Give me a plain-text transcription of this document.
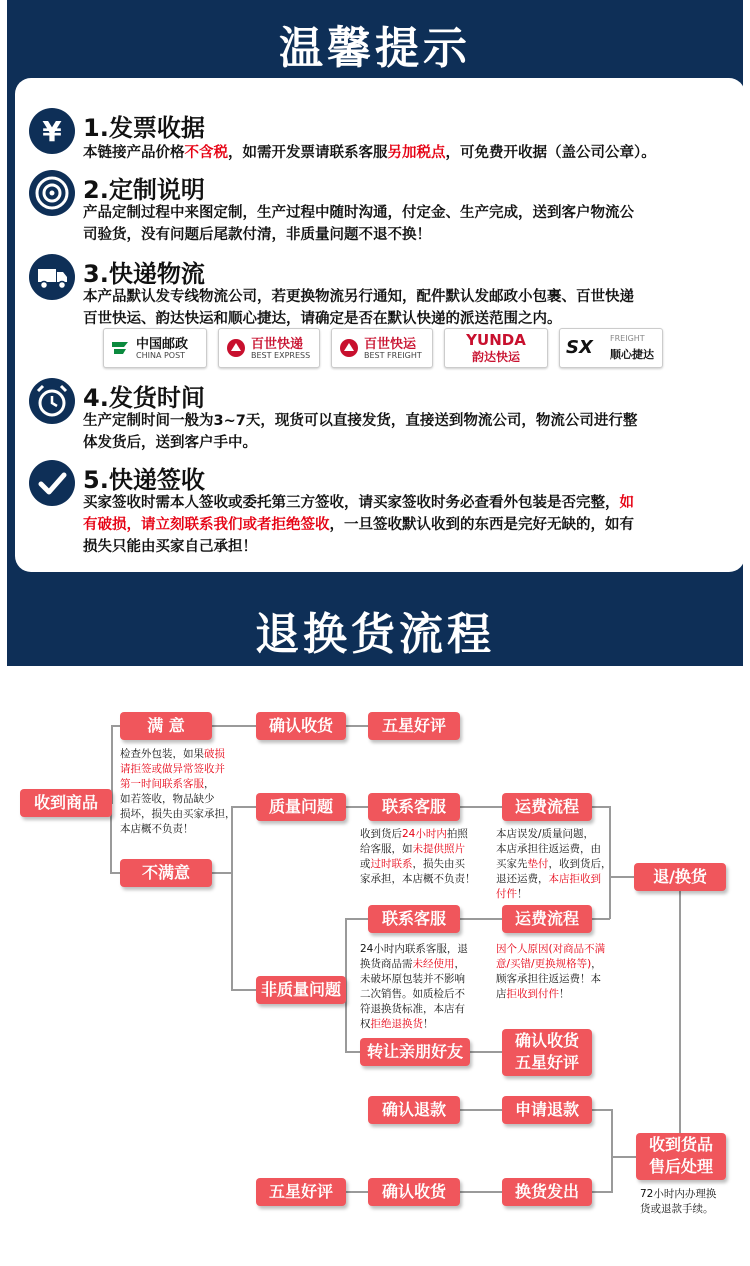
温馨提示
¥ 1.发票收据
本链接产品价格不含税，如需开发票请联系客服另加税点，可免费开收据（盖公司公章）。
2.定制说明
产品定制过程中来图定制，生产过程中随时沟通，付定金、生产完成，送到客户物流公
司验货，没有问题后尾款付清，非质量问题不退不换！
3.快递物流
本产品默认发专线物流公司，若更换物流另行通知，配件默认发邮政小包裹、百世快递
百世快运、韵达快运和顺心捷达，请确定是否在默认快递的派送范围之内。
中国邮政
CHINA POST
百世快递
BEST EXPRESS
百世快运
BEST FREIGHT
YUNDA
韵达快运	SX FREIGHT
顺心捷达
4.发货时间
生产定制时间一般为3~7天，现货可以直接发货，直接送到物流公司，物流公司进行整
体发货后，送到客户手中。
5.快递签收
买家签收时需本人签收或委托第三方签收，请买家签收时务必查看外包装是否完整，如
有破损，请立刻联系我们或者拒绝签收，一旦签收默认收到的东西是完好无缺的，如有
损失只能由买家自己承担！
退换货流程
收到商品
满 意	确认收货	五星好评
检查外包装，如果破损
请拒签或做异常签收并
第一时间联系客服，
如若签收，物品缺少
损坏，损失由买家承担，
本店概不负责！
不满意
质量问题	联系客服	运费流程
收到货后24小时内拍照
给客服，如未提供照片
或过时联系，损失由买
家承担，本店概不负责！
本店误发/质量问题，
本店承担往返运费，由
买家先垫付，收到货后，
退还运费，本店拒收到
付件！
退/换货
联系客服	运费流程
非质量问题
24小时内联系客服，退
换货商品需未经使用，
未破坏原包装并不影响
二次销售。如质检后不
符退换货标准，本店有
权拒绝退换货！
因个人原因(对商品不满
意/买错/更换规格等)，
顾客承担往返运费！本
店拒收到付件！
转让亲朋好友
确认收货
五星好评
确认退款	申请退款
收到货品
售后处理
72小时内办理换
货或退款手续。
五星好评	确认收货	换货发出
